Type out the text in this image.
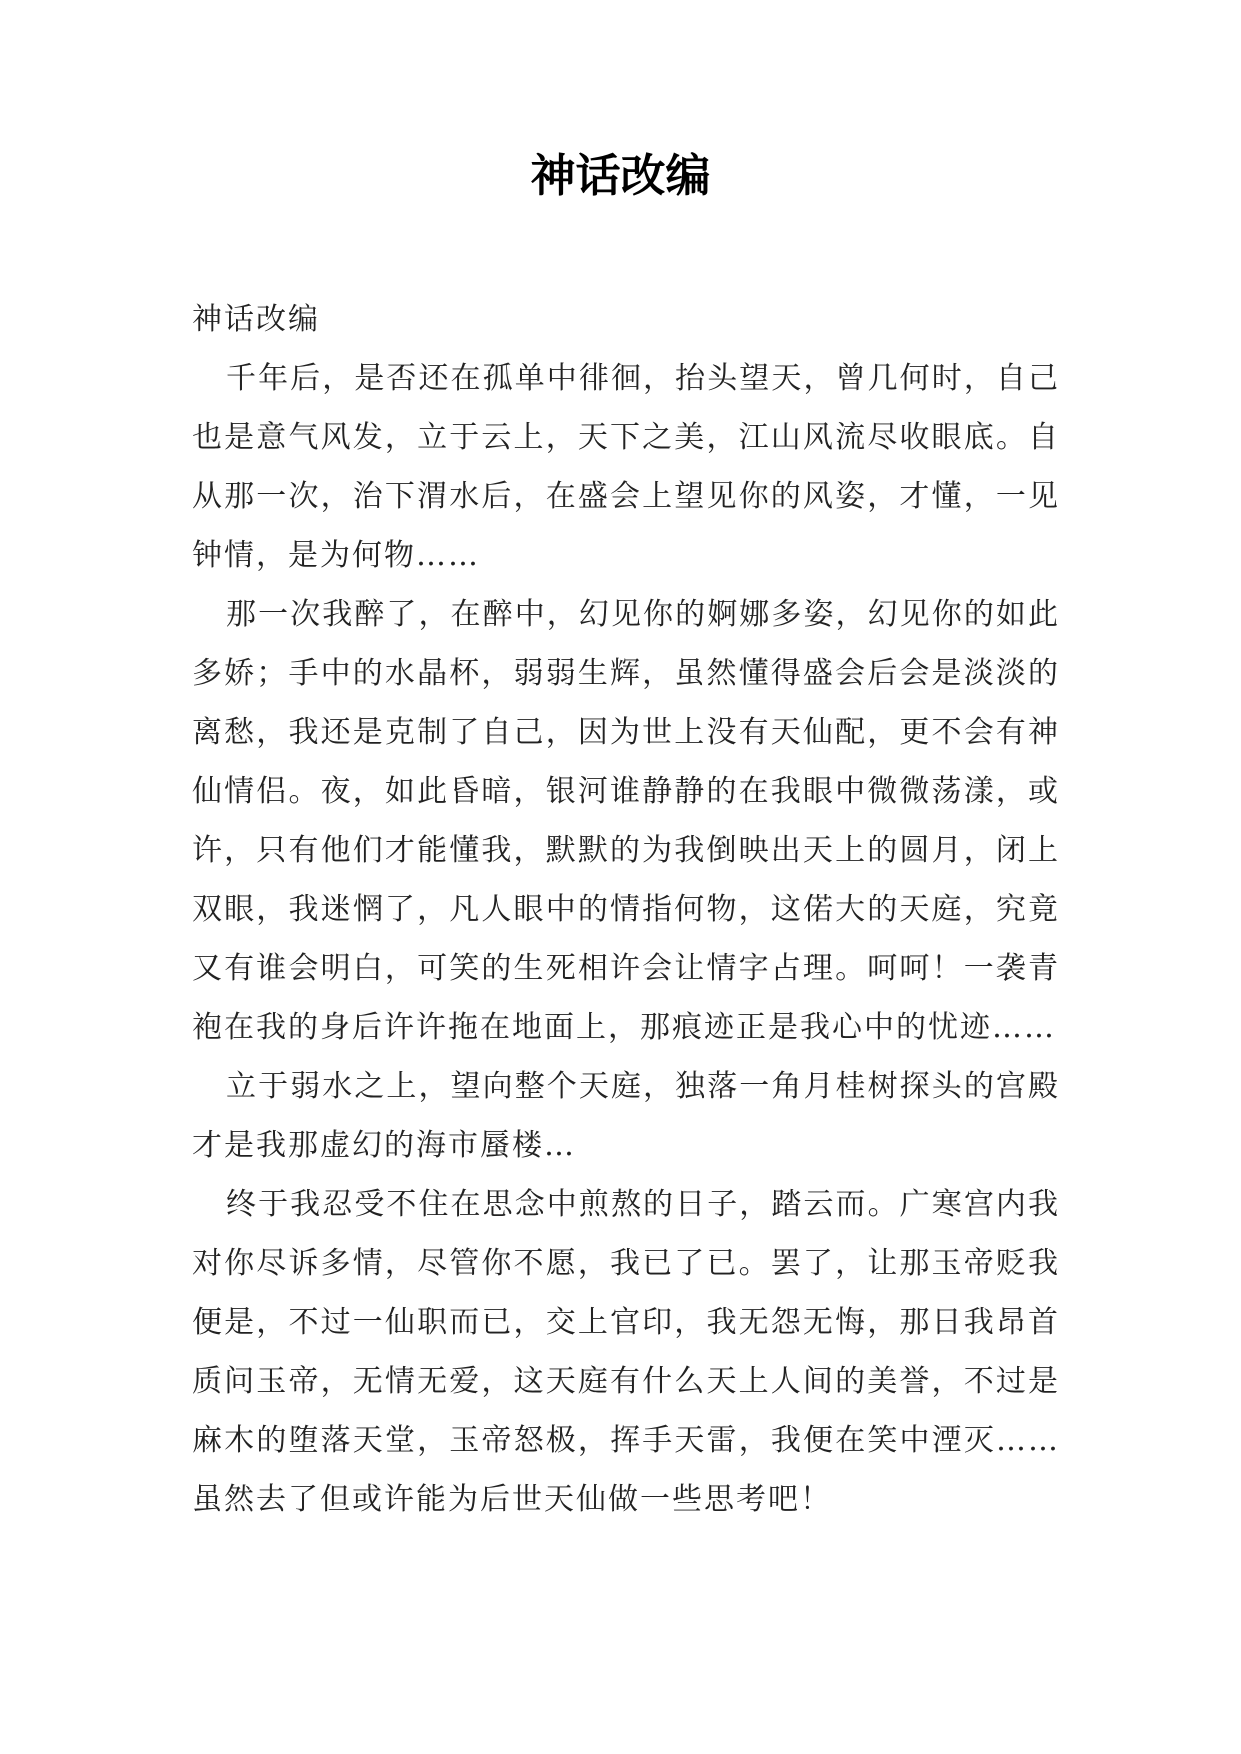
神话改编

神话改编

千年后，是否还在孤单中徘徊，抬头望天，曾几何时，自己也是意气风发，立于云上，天下之美，江山风流尽收眼底。自从那一次，治下渭水后，在盛会上望见你的风姿，才懂，一见钟情，是为何物……

那一次我醉了，在醉中，幻见你的婀娜多姿，幻见你的如此多娇；手中的水晶杯，弱弱生辉，虽然懂得盛会后会是淡淡的离愁，我还是克制了自己，因为世上没有天仙配，更不会有神仙情侣。夜，如此昏暗，银河谁静静的在我眼中微微荡漾，或许，只有他们才能懂我，默默的为我倒映出天上的圆月，闭上双眼，我迷惘了，凡人眼中的情指何物，这偌大的天庭，究竟又有谁会明白，可笑的生死相许会让情字占理。呵呵！一袭青袍在我的身后许许拖在地面上，那痕迹正是我心中的忧迹……

立于弱水之上，望向整个天庭，独落一角月桂树探头的宫殿才是我那虚幻的海市蜃楼…

终于我忍受不住在思念中煎熬的日子，踏云而。广寒宫内我对你尽诉多情，尽管你不愿，我已了已。罢了，让那玉帝贬我便是，不过一仙职而已，交上官印，我无怨无悔，那日我昂首质问玉帝，无情无爱，这天庭有什么天上人间的美誉，不过是麻木的堕落天堂，玉帝怒极，挥手天雷，我便在笑中湮灭……虽然去了但或许能为后世天仙做一些思考吧！
